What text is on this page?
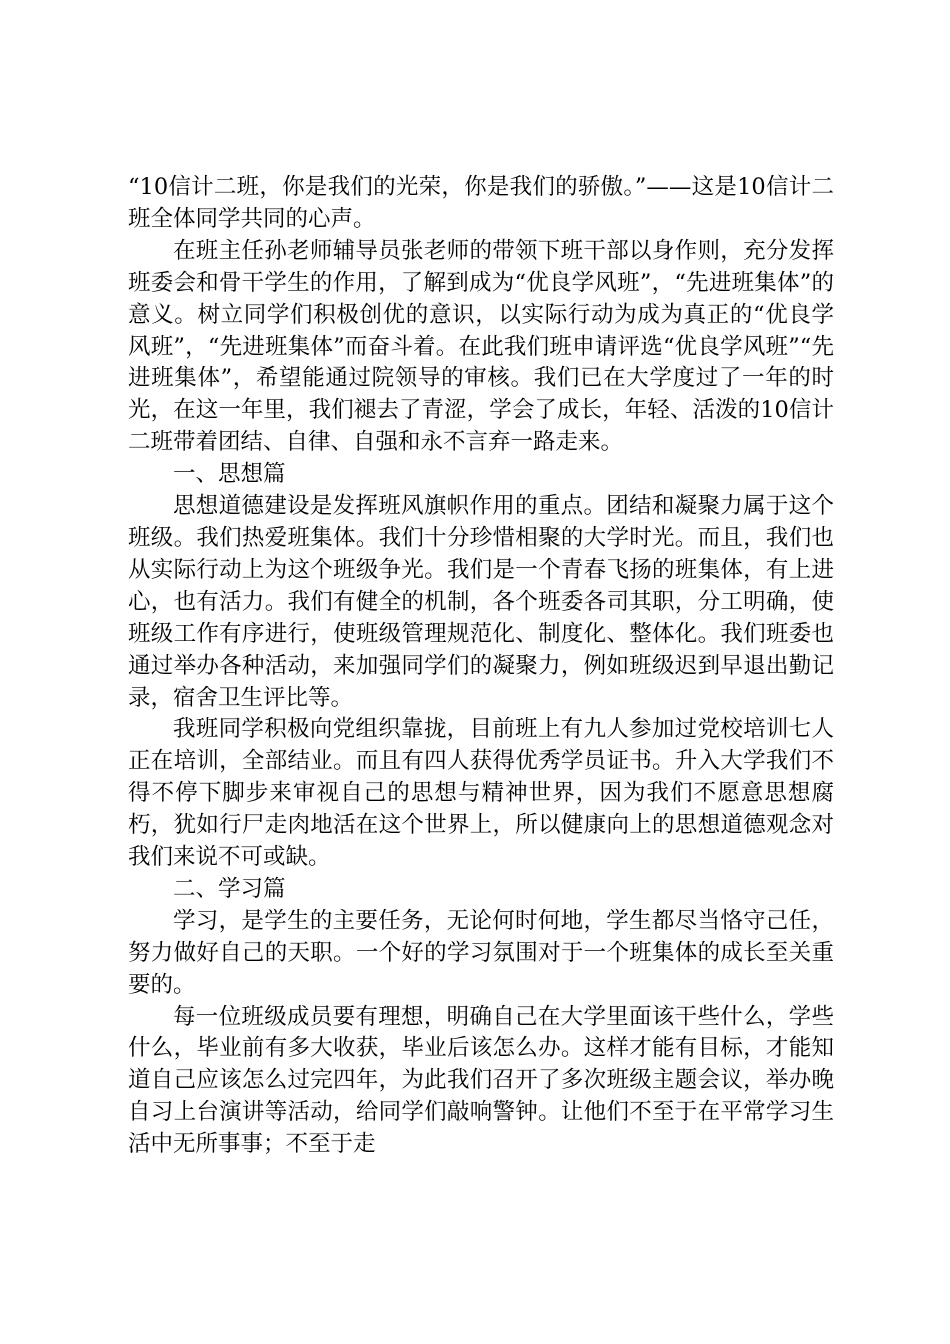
“10信计二班，你是我们的光荣，你是我们的骄傲。”——这是10信计二班全体同学共同的心声。

在班主任孙老师辅导员张老师的带领下班干部以身作则，充分发挥班委会和骨干学生的作用，了解到成为“优良学风班”，“先进班集体”的意义。树立同学们积极创优的意识，以实际行动为成为真正的“优良学风班”，“先进班集体”而奋斗着。在此我们班申请评选“优良学风班”“先进班集体”，希望能通过院领导的审核。我们已在大学度过了一年的时光，在这一年里，我们褪去了青涩，学会了成长，年轻、活泼的10信计二班带着团结、自律、自强和永不言弃一路走来。

一、思想篇

思想道德建设是发挥班风旗帜作用的重点。团结和凝聚力属于这个班级。我们热爱班集体。我们十分珍惜相聚的大学时光。而且，我们也从实际行动上为这个班级争光。我们是一个青春飞扬的班集体，有上进心，也有活力。我们有健全的机制，各个班委各司其职，分工明确，使班级工作有序进行，使班级管理规范化、制度化、整体化。我们班委也通过举办各种活动，来加强同学们的凝聚力，例如班级迟到早退出勤记录，宿舍卫生评比等。

我班同学积极向党组织靠拢，目前班上有九人参加过党校培训七人正在培训，全部结业。而且有四人获得优秀学员证书。升入大学我们不得不停下脚步来审视自己的思想与精神世界，因为我们不愿意思想腐朽，犹如行尸走肉地活在这个世界上，所以健康向上的思想道德观念对我们来说不可或缺。

二、学习篇

学习，是学生的主要任务，无论何时何地，学生都尽当恪守己任，努力做好自己的天职。一个好的学习氛围对于一个班集体的成长至关重要的。

每一位班级成员要有理想，明确自己在大学里面该干些什么，学些什么，毕业前有多大收获，毕业后该怎么办。这样才能有目标，才能知道自己应该怎么过完四年，为此我们召开了多次班级主题会议，举办晚自习上台演讲等活动，给同学们敲响警钟。让他们不至于在平常学习生活中无所事事；不至于走
